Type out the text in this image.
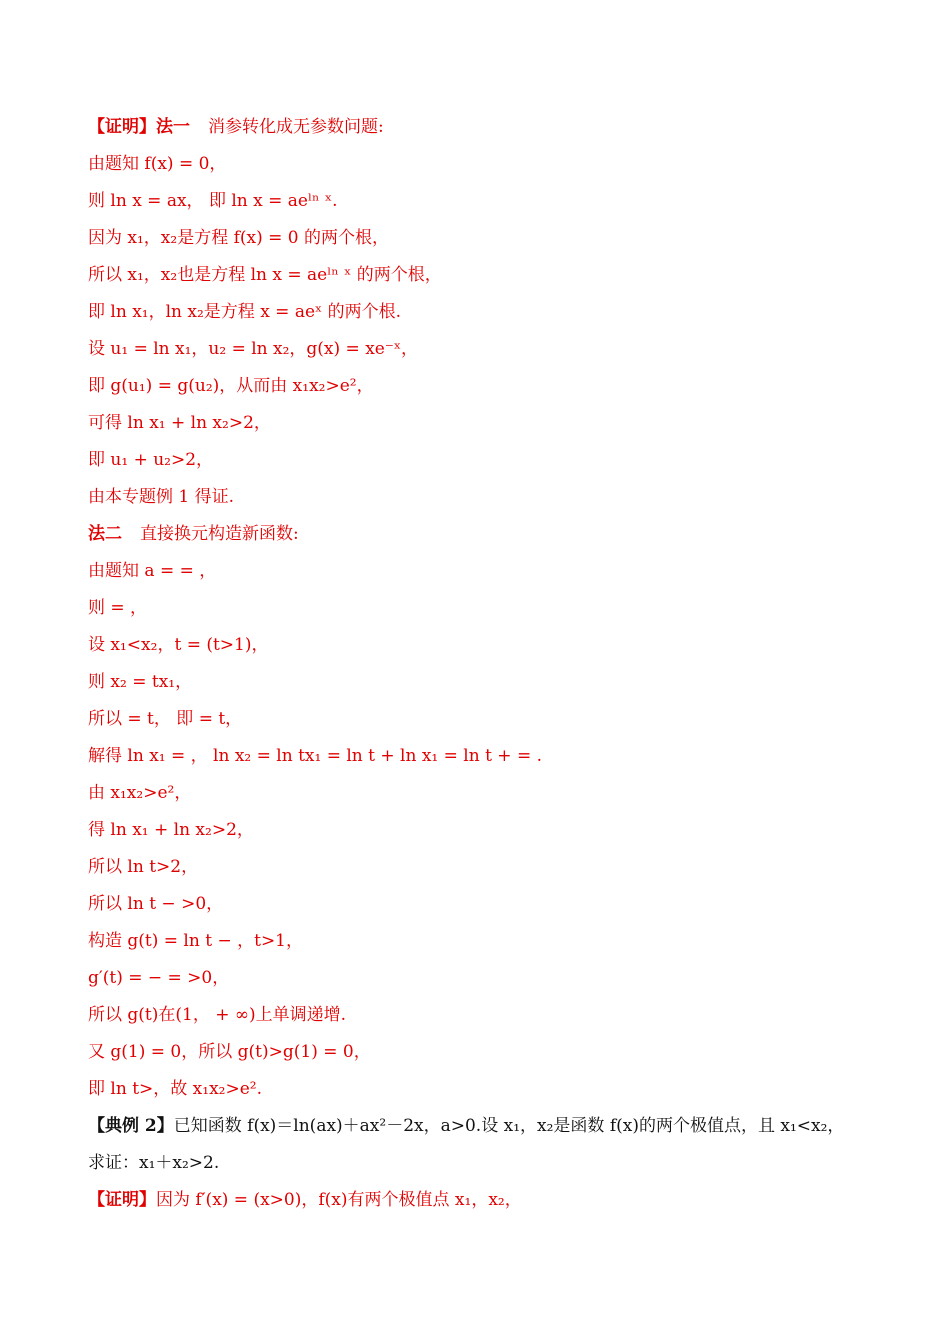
【证明】法一 消参转化成无参数问题:
由题知 f(x) = 0，
则 ln x = ax， 即 ln x = aeˡⁿ ˣ.
因为 x₁，x₂是方程 f(x) = 0 的两个根，
所以 x₁，x₂也是方程 ln x = aeˡⁿ ˣ 的两个根，
即 ln x₁，ln x₂是方程 x = aeˣ 的两个根.
设 u₁ = ln x₁，u₂ = ln x₂，g(x) = xe⁻ˣ，
即 g(u₁) = g(u₂)，从而由 x₁x₂>e²，
可得 ln x₁ + ln x₂>2，
即 u₁ + u₂>2，
由本专题例 1 得证.
法二 直接换元构造新函数:
由题知 a = = ，
则 = ，
设 x₁<x₂，t = (t>1)，
则 x₂ = tx₁，
所以 = t， 即 = t，
解得 ln x₁ = ， ln x₂ = ln tx₁ = ln t + ln x₁ = ln t + = .
由 x₁x₂>e²，
得 ln x₁ + ln x₂>2，
所以 ln t>2，
所以 ln t − >0，
构造 g(t) = ln t − ，t>1，
g′(t) = − = >0，
所以 g(t)在(1， + ∞)上单调递增.
又 g(1) = 0，所以 g(t)>g(1) = 0，
即 ln t>，故 x₁x₂>e².
【典例 2】已知函数 f(x)＝ln(ax)＋ax²－2x，a>0.设 x₁，x₂是函数 f(x)的两个极值点，且 x₁<x₂，
求证：x₁＋x₂>2.
【证明】因为 f′(x) = (x>0)，f(x)有两个极值点 x₁，x₂，
